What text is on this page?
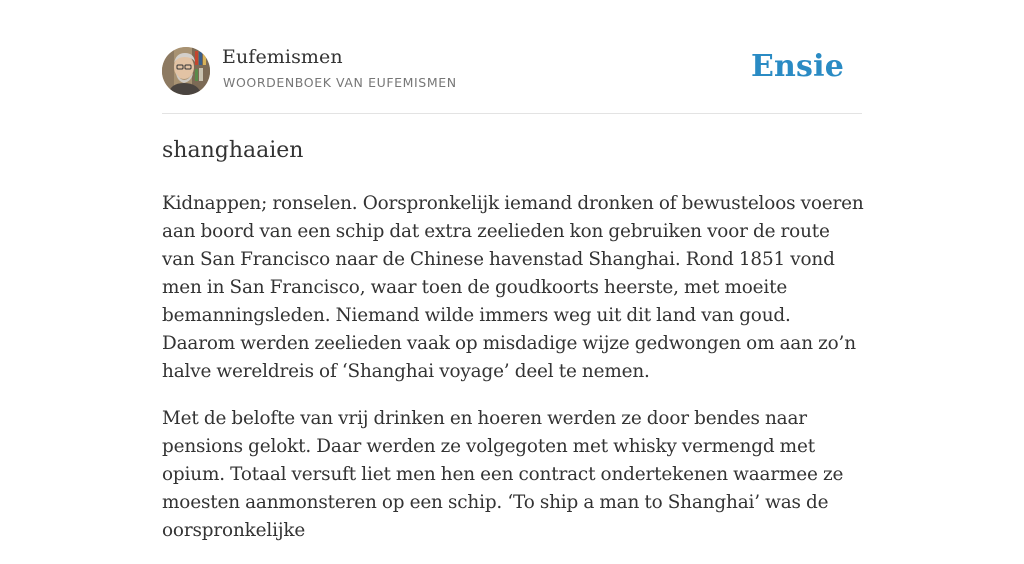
Eufemismen
WOORDENBOEK VAN EUFEMISMEN	Ensie
shanghaaien

Kidnappen; ronselen. Oorspronkelijk iemand dronken of bewusteloos voeren aan boord van een schip dat extra zeelieden kon gebruiken voor de route van San Francisco naar de Chinese havenstad Shanghai. Rond 1851 vond men in San Francisco, waar toen de goudkoorts heerste, met moeite bemanningsleden. Niemand wilde immers weg uit dit land van goud. Daarom werden zeelieden vaak op misdadige wijze gedwongen om aan zo’n halve wereldreis of ‘Shanghai voyage’ deel te nemen.

Met de belofte van vrij drinken en hoeren werden ze door bendes naar pensions gelokt. Daar werden ze volgegoten met whisky vermengd met opium. Totaal versuft liet men hen een contract ondertekenen waarmee ze moesten aanmonsteren op een schip. ‘To ship a man to Shanghai’ was de oorspronkelijke
